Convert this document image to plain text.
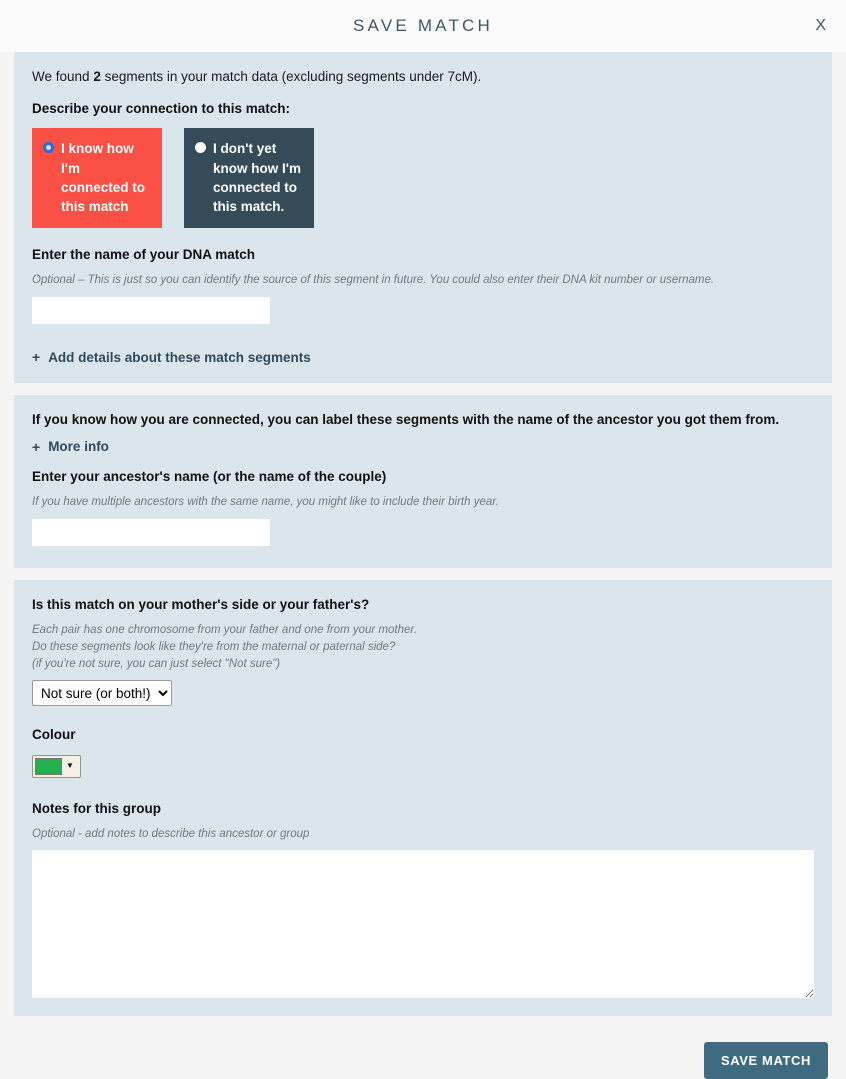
SAVE MATCH	X

We found 2 segments in your match data (excluding segments under 7cM).

Describe your connection to this match:

I know how I'm connected to this match
I don't yet know how I'm connected to this match.

Enter the name of your DNA match

Optional – This is just so you can identify the source of this segment in future. You could also enter their DNA kit number or username.

+ Add details about these match segments

If you know how you are connected, you can label these segments with the name of the ancestor you got them from.

+ More info

Enter your ancestor's name (or the name of the couple)

If you have multiple ancestors with the same name, you might like to include their birth year.

Is this match on your mother's side or your father's?

Each pair has one chromosome from your father and one from your mother.

Do these segments look like they're from the maternal or paternal side?

(if you're not sure, you can just select "Not sure")

Not sure (or both!)

Colour

▼

Notes for this group

Optional - add notes to describe this ancestor or group

SAVE MATCH
